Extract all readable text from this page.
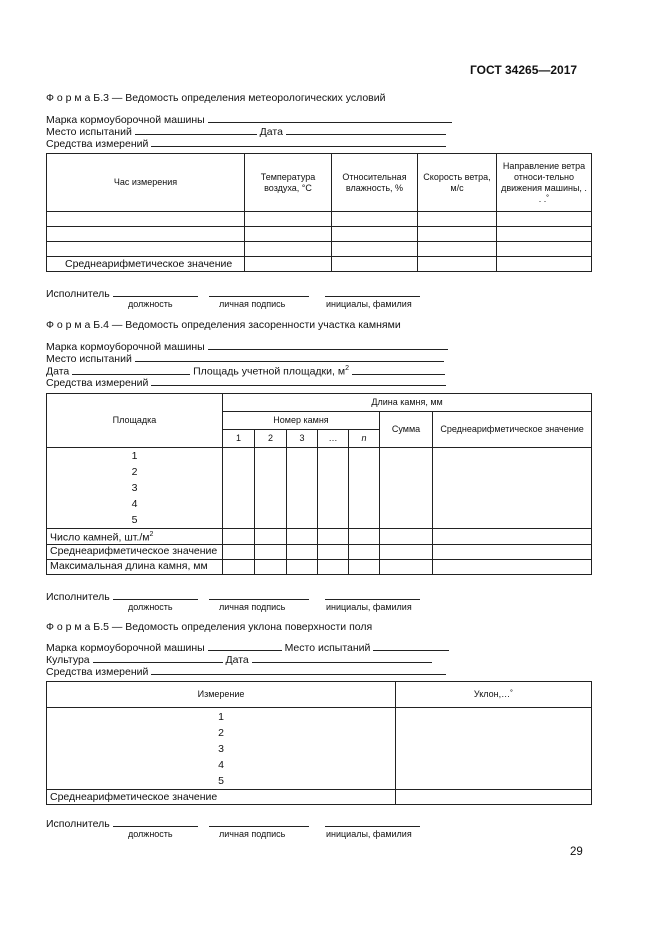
ГОСТ 34265—2017
Ф о р м а Б.3 — Ведомость определения метеорологических условий
Марка кормоуборочной машины
Место испытаний	Дата
Средства измерений
Час измерения	Температура воздуха, °С	Относительная влажность, %	Скорость ветра, м/с	Направление ветра относи-тельно движения машины, . . .˚

Среднеарифметическое значение				
Исполнитель
должность	личная подпись	инициалы, фамилия
Ф о р м а Б.4 — Ведомость определения засоренности участка камнями
Марка кормоуборочной машины
Место испытаний
Дата	Площадь учетной площадки, $м^2$
Средства измерений
Площадка	Длина камня, мм						
	Номер камня					Сумма	Среднеарифметическое значение
	1	2	3	…	n		

1
2
3
4
5							

Число камней, $шт./м^2$							
Среднеарифметическое значение							
Максимальная длина камня, мм							
Исполнитель
должность	личная подпись	инициалы, фамилия
Ф о р м а Б.5 — Ведомость определения уклона поверхности поля
Марка кормоуборочной машины	Место испытаний
Культура	Дата
Средства измерений
Измерение	Уклон,…˚

1
2
3
4
5	

Среднеарифметическое значение	
Исполнитель
должность	личная подпись	инициалы, фамилия
29
